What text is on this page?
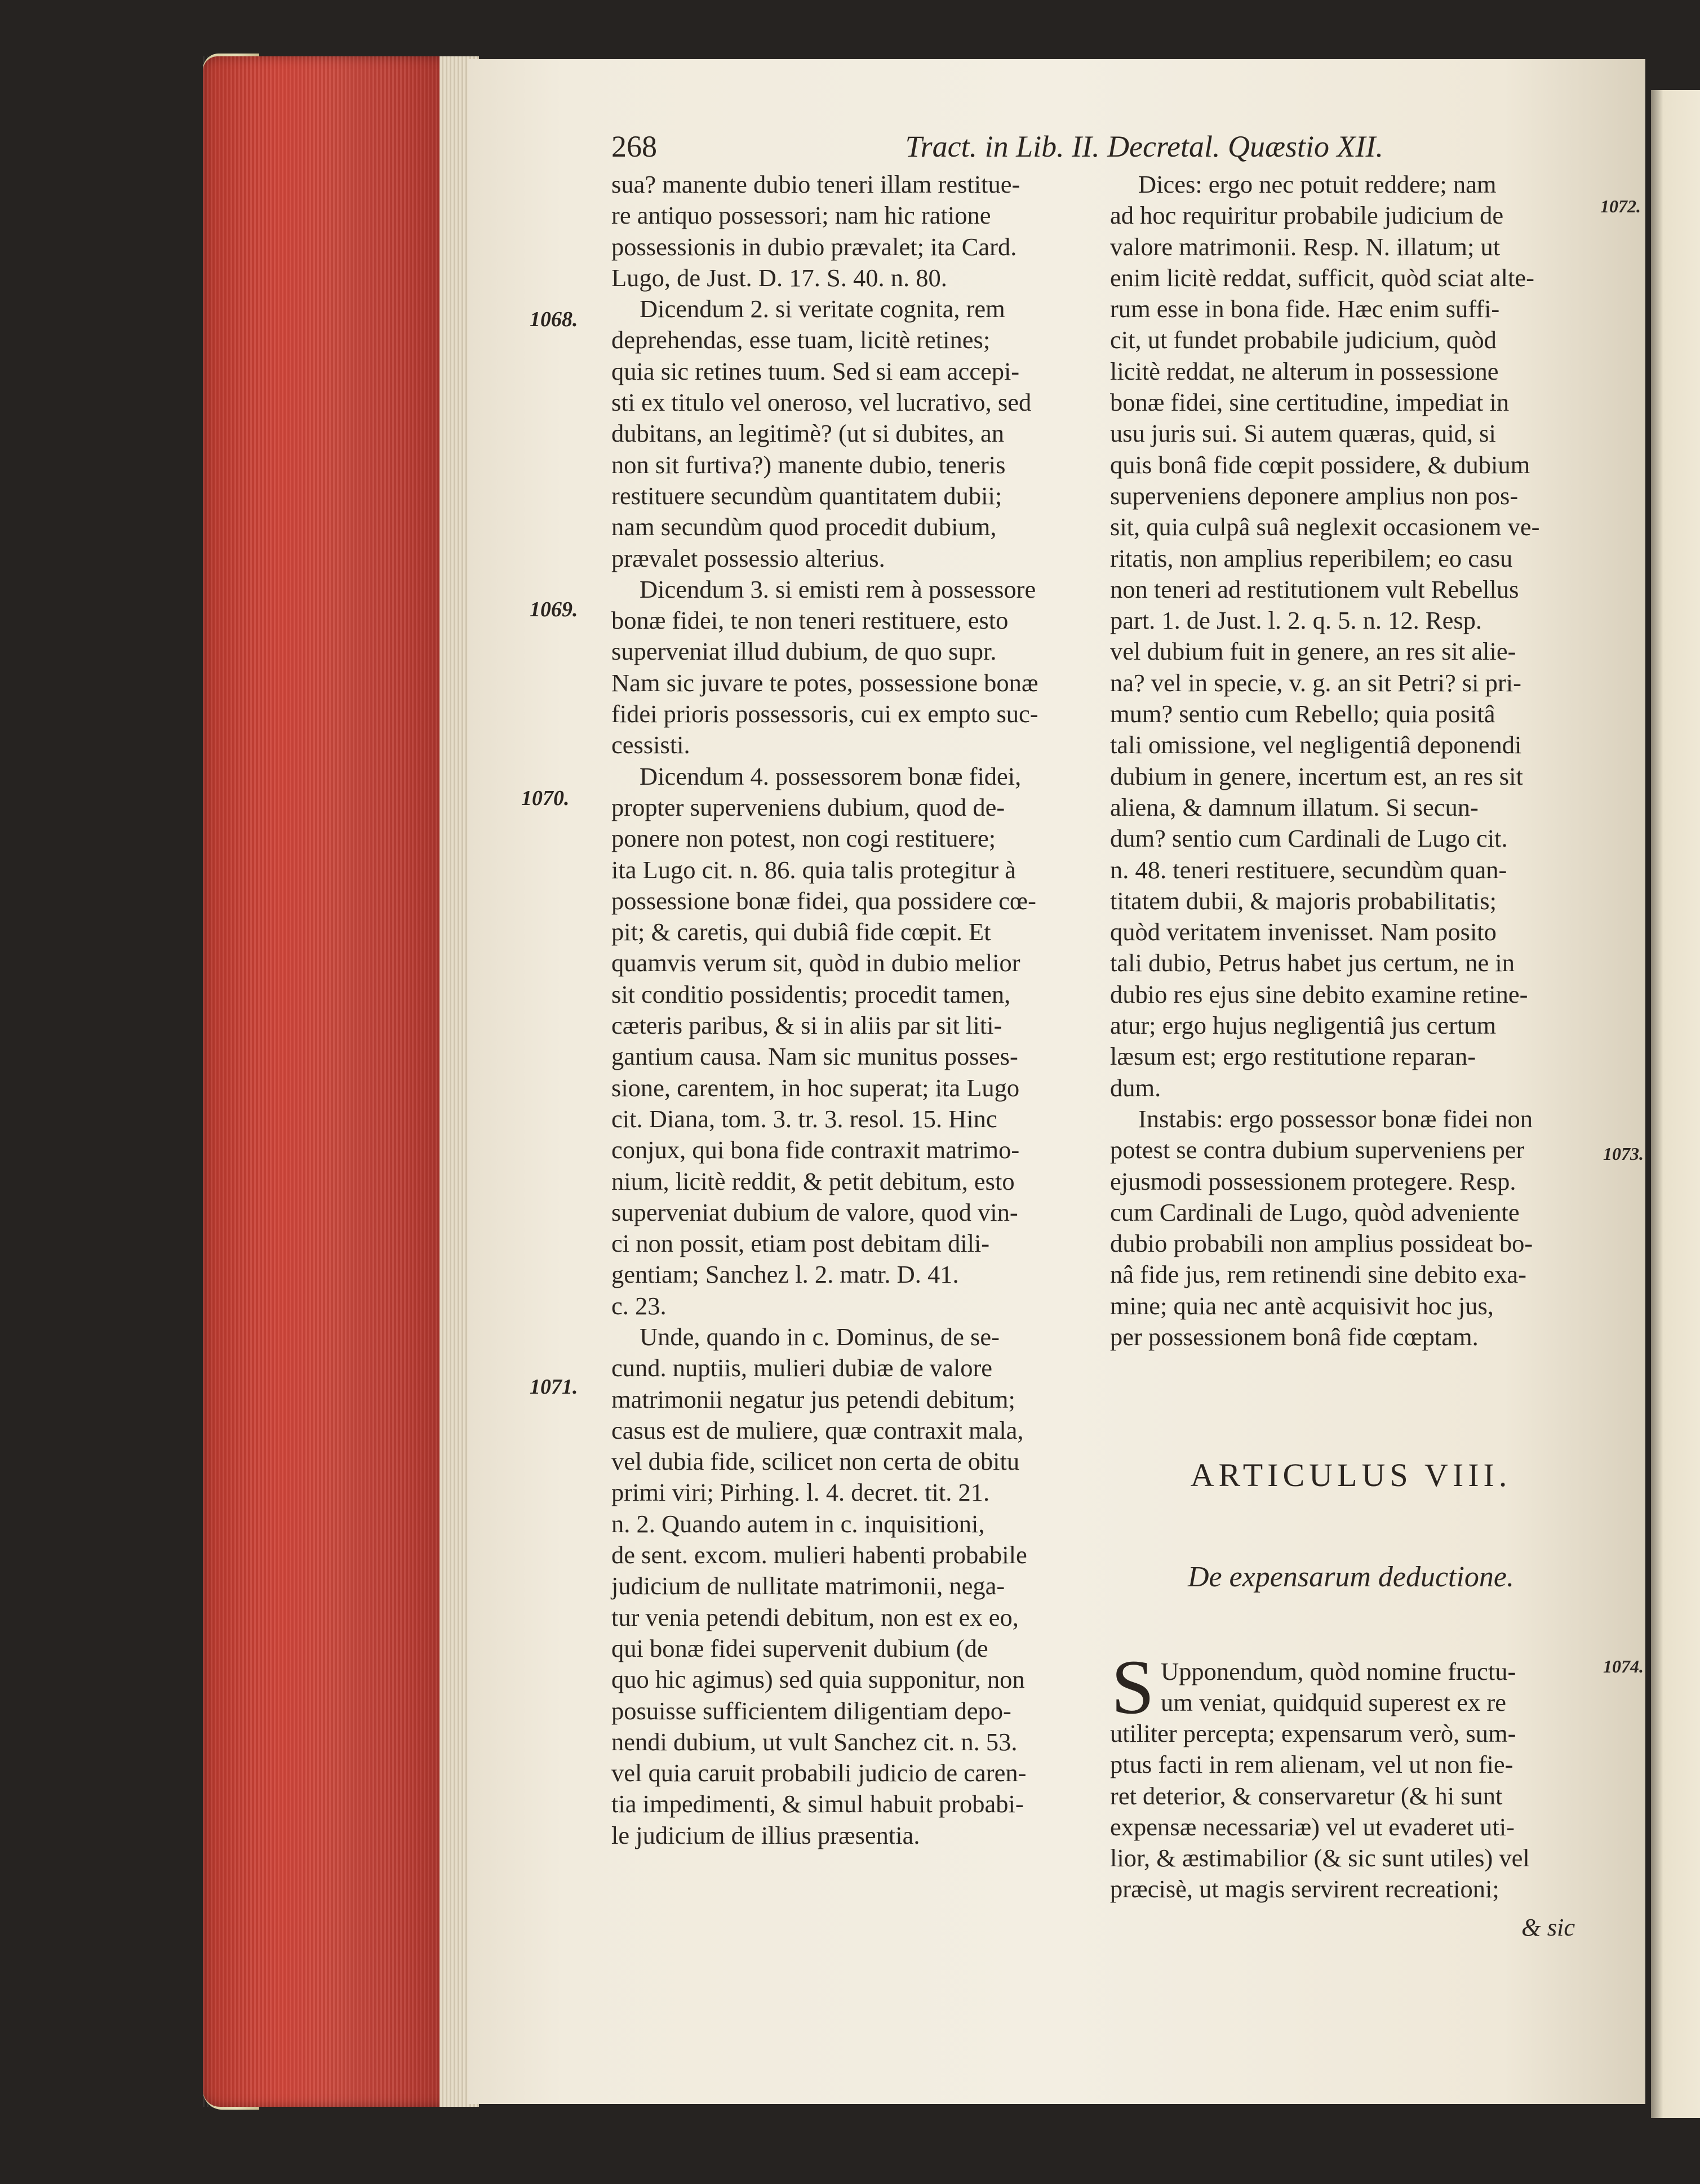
268	Tract. in Lib. II. Decretal. Quæstio XII.
sua? manente dubio teneri illam restitue-
re antiquo possessori; nam hic ratione
possessionis in dubio prævalet; ita Card.
Lugo, de Just. D. 17. S. 40. n. 80.
Dicendum 2. si veritate cognita, rem
deprehendas, esse tuam, licitè retines;
quia sic retines tuum. Sed si eam accepi-
sti ex titulo vel oneroso, vel lucrativo, sed
dubitans, an legitimè? (ut si dubites, an
non sit furtiva?) manente dubio, teneris
restituere secundùm quantitatem dubii;
nam secundùm quod procedit dubium,
prævalet possessio alterius.
Dicendum 3. si emisti rem à possessore
bonæ fidei, te non teneri restituere, esto
superveniat illud dubium, de quo supr.
Nam sic juvare te potes, possessione bonæ
fidei prioris possessoris, cui ex empto suc-
cessisti.
Dicendum 4. possessorem bonæ fidei,
propter superveniens dubium, quod de-
ponere non potest, non cogi restituere;
ita Lugo cit. n. 86. quia talis protegitur à
possessione bonæ fidei, qua possidere cœ-
pit; & caretis, qui dubiâ fide cœpit. Et
quamvis verum sit, quòd in dubio melior
sit conditio possidentis; procedit tamen,
cæteris paribus, & si in aliis par sit liti-
gantium causa. Nam sic munitus posses-
sione, carentem, in hoc superat; ita Lugo
cit. Diana, tom. 3. tr. 3. resol. 15. Hinc
conjux, qui bona fide contraxit matrimo-
nium, licitè reddit, & petit debitum, esto
superveniat dubium de valore, quod vin-
ci non possit, etiam post debitam dili-
gentiam; Sanchez l. 2. matr. D. 41.
c. 23.
Unde, quando in c. Dominus, de se-
cund. nuptiis, mulieri dubiæ de valore
matrimonii negatur jus petendi debitum;
casus est de muliere, quæ contraxit mala,
vel dubia fide, scilicet non certa de obitu
primi viri; Pirhing. l. 4. decret. tit. 21.
n. 2. Quando autem in c. inquisitioni,
de sent. excom. mulieri habenti probabile
judicium de nullitate matrimonii, nega-
tur venia petendi debitum, non est ex eo,
qui bonæ fidei supervenit dubium (de
quo hic agimus) sed quia supponitur, non
posuisse sufficientem diligentiam depo-
nendi dubium, ut vult Sanchez cit. n. 53.
vel quia caruit probabili judicio de caren-
tia impedimenti, & simul habuit probabi-
le judicium de illius præsentia.
Dices: ergo nec potuit reddere; nam
ad hoc requiritur probabile judicium de
valore matrimonii. Resp. N. illatum; ut
enim licitè reddat, sufficit, quòd sciat alte-
rum esse in bona fide. Hæc enim suffi-
cit, ut fundet probabile judicium, quòd
licitè reddat, ne alterum in possessione
bonæ fidei, sine certitudine, impediat in
usu juris sui. Si autem quæras, quid, si
quis bonâ fide cœpit possidere, & dubium
superveniens deponere amplius non pos-
sit, quia culpâ suâ neglexit occasionem ve-
ritatis, non amplius reperibilem; eo casu
non teneri ad restitutionem vult Rebellus
part. 1. de Just. l. 2. q. 5. n. 12. Resp.
vel dubium fuit in genere, an res sit alie-
na? vel in specie, v. g. an sit Petri? si pri-
mum? sentio cum Rebello; quia positâ
tali omissione, vel negligentiâ deponendi
dubium in genere, incertum est, an res sit
aliena, & damnum illatum. Si secun-
dum? sentio cum Cardinali de Lugo cit.
n. 48. teneri restituere, secundùm quan-
titatem dubii, & majoris probabilitatis;
quòd veritatem invenisset. Nam posito
tali dubio, Petrus habet jus certum, ne in
dubio res ejus sine debito examine retine-
atur; ergo hujus negligentiâ jus certum
læsum est; ergo restitutione reparan-
dum.
Instabis: ergo possessor bonæ fidei non
potest se contra dubium superveniens per
ejusmodi possessionem protegere. Resp.
cum Cardinali de Lugo, quòd adveniente
dubio probabili non amplius possideat bo-
nâ fide jus, rem retinendi sine debito exa-
mine; quia nec antè acquisivit hoc jus,
per possessionem bonâ fide cœptam.
ARTICULUS VIII.
De expensarum deductione.
S Upponendum, quòd nomine fructu-
um veniat, quidquid superest ex re
utiliter percepta; expensarum verò, sum-
ptus facti in rem alienam, vel ut non fie-
ret deterior, & conservaretur (& hi sunt
expensæ necessariæ) vel ut evaderet uti-
lior, & æstimabilior (& sic sunt utiles) vel
præcisè, ut magis servirent recreationi;
& sic
1068.
1069.
1070.
1071.
1072.
1073.
1074.
